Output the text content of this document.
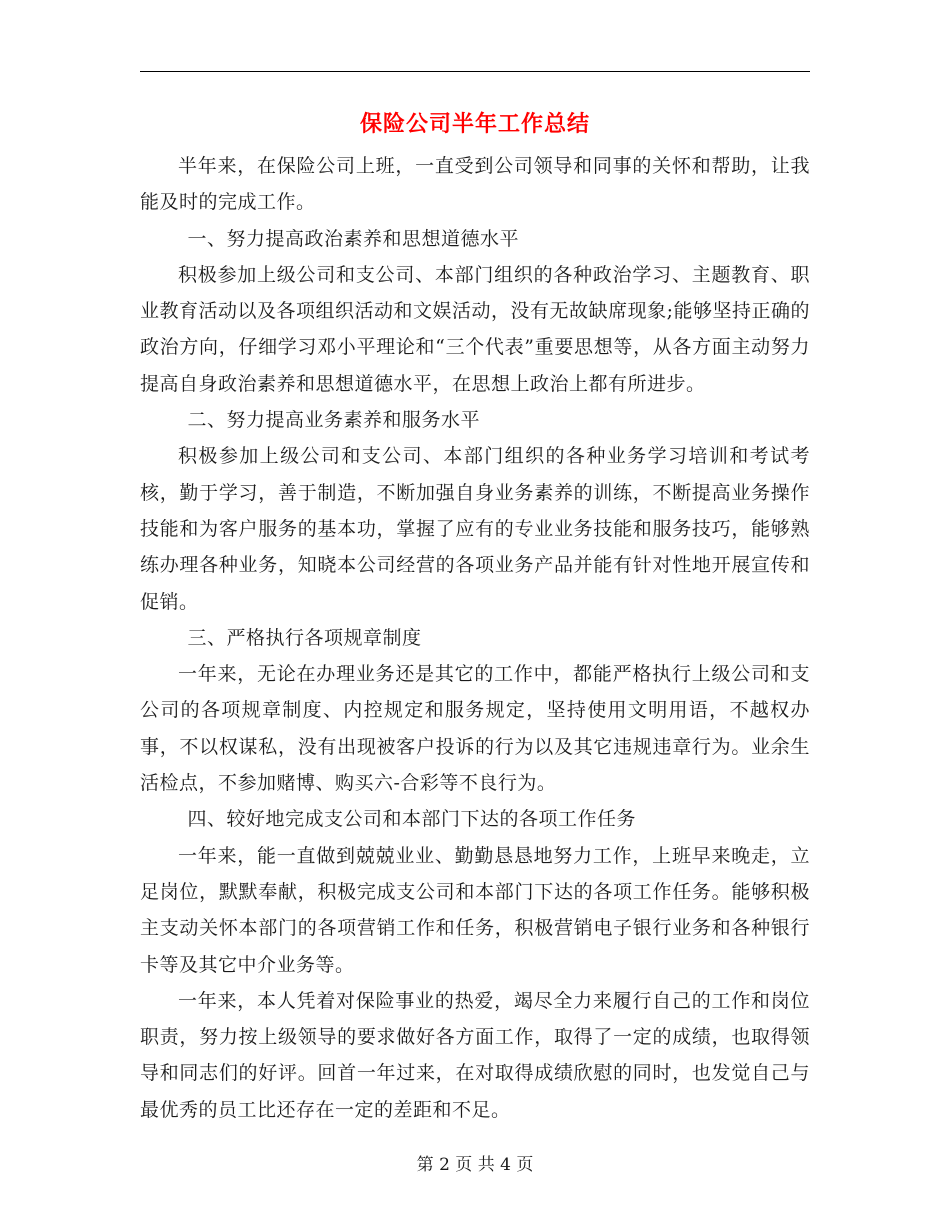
保险公司半年工作总结

半年来，在保险公司上班，一直受到公司领导和同事的关怀和帮助，让我能及时的完成工作。

一、努力提高政治素养和思想道德水平

积极参加上级公司和支公司、本部门组织的各种政治学习、主题教育、职业教育活动以及各项组织活动和文娱活动，没有无故缺席现象;能够坚持正确的政治方向，仔细学习邓小平理论和“三个代表”重要思想等，从各方面主动努力提高自身政治素养和思想道德水平，在思想上政治上都有所进步。

二、努力提高业务素养和服务水平

积极参加上级公司和支公司、本部门组织的各种业务学习培训和考试考核，勤于学习，善于制造，不断加强自身业务素养的训练，不断提高业务操作技能和为客户服务的基本功，掌握了应有的专业业务技能和服务技巧，能够熟练办理各种业务，知晓本公司经营的各项业务产品并能有针对性地开展宣传和促销。

三、严格执行各项规章制度

一年来，无论在办理业务还是其它的工作中，都能严格执行上级公司和支公司的各项规章制度、内控规定和服务规定，坚持使用文明用语，不越权办事，不以权谋私，没有出现被客户投诉的行为以及其它违规违章行为。业余生活检点，不参加赌博、购买六-合彩等不良行为。

四、较好地完成支公司和本部门下达的各项工作任务

一年来，能一直做到兢兢业业、勤勤恳恳地努力工作，上班早来晚走，立足岗位，默默奉献，积极完成支公司和本部门下达的各项工作任务。能够积极主支动关怀本部门的各项营销工作和任务，积极营销电子银行业务和各种银行卡等及其它中介业务等。

一年来，本人凭着对保险事业的热爱，竭尽全力来履行自己的工作和岗位职责，努力按上级领导的要求做好各方面工作，取得了一定的成绩，也取得领导和同志们的好评。回首一年过来，在对取得成绩欣慰的同时，也发觉自己与最优秀的员工比还存在一定的差距和不足。

第 2 页 共 4 页
